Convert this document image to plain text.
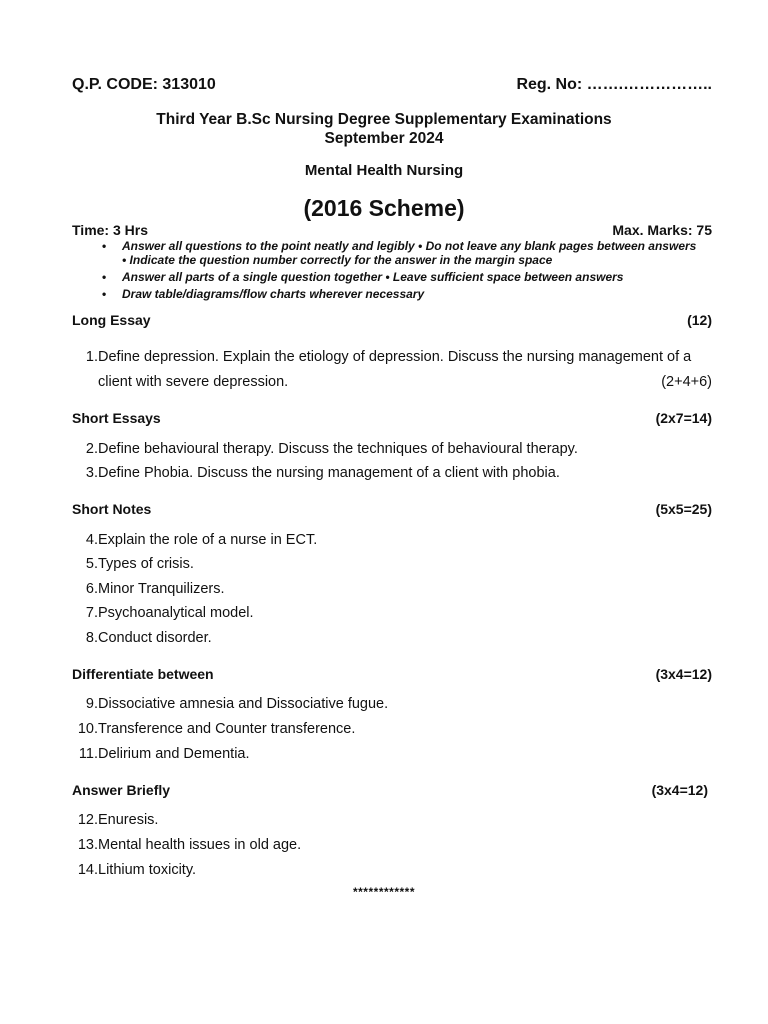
Q.P. CODE: 313010	Reg. No: …….……………..
Third Year B.Sc Nursing Degree Supplementary Examinations
September 2024
Mental Health Nursing
(2016 Scheme)
Time: 3 Hrs	Max. Marks: 75
• Answer all questions to the point neatly and legibly • Do not leave any blank pages between answers • Indicate the question number correctly for the answer in the margin space
• Answer all parts of a single question together • Leave sufficient space between answers
• Draw table/diagrams/flow charts wherever necessary
Long Essay	(12)
1. Define depression. Explain the etiology of depression. Discuss the nursing management of a
client with severe depression.	(2+4+6)
Short Essays	(2x7=14)
2. Define behavioural therapy. Discuss the techniques of behavioural therapy.
3. Define Phobia. Discuss the nursing management of a client with phobia.
Short Notes	(5x5=25)
4. Explain the role of a nurse in ECT.
5. Types of crisis.
6. Minor Tranquilizers.
7. Psychoanalytical model.
8. Conduct disorder.
Differentiate between	(3x4=12)
9. Dissociative amnesia and Dissociative fugue.
10. Transference and Counter transference.
11. Delirium and Dementia.
Answer Briefly	(3x4=12)
12. Enuresis.
13. Mental health issues in old age.
14. Lithium toxicity.
************
